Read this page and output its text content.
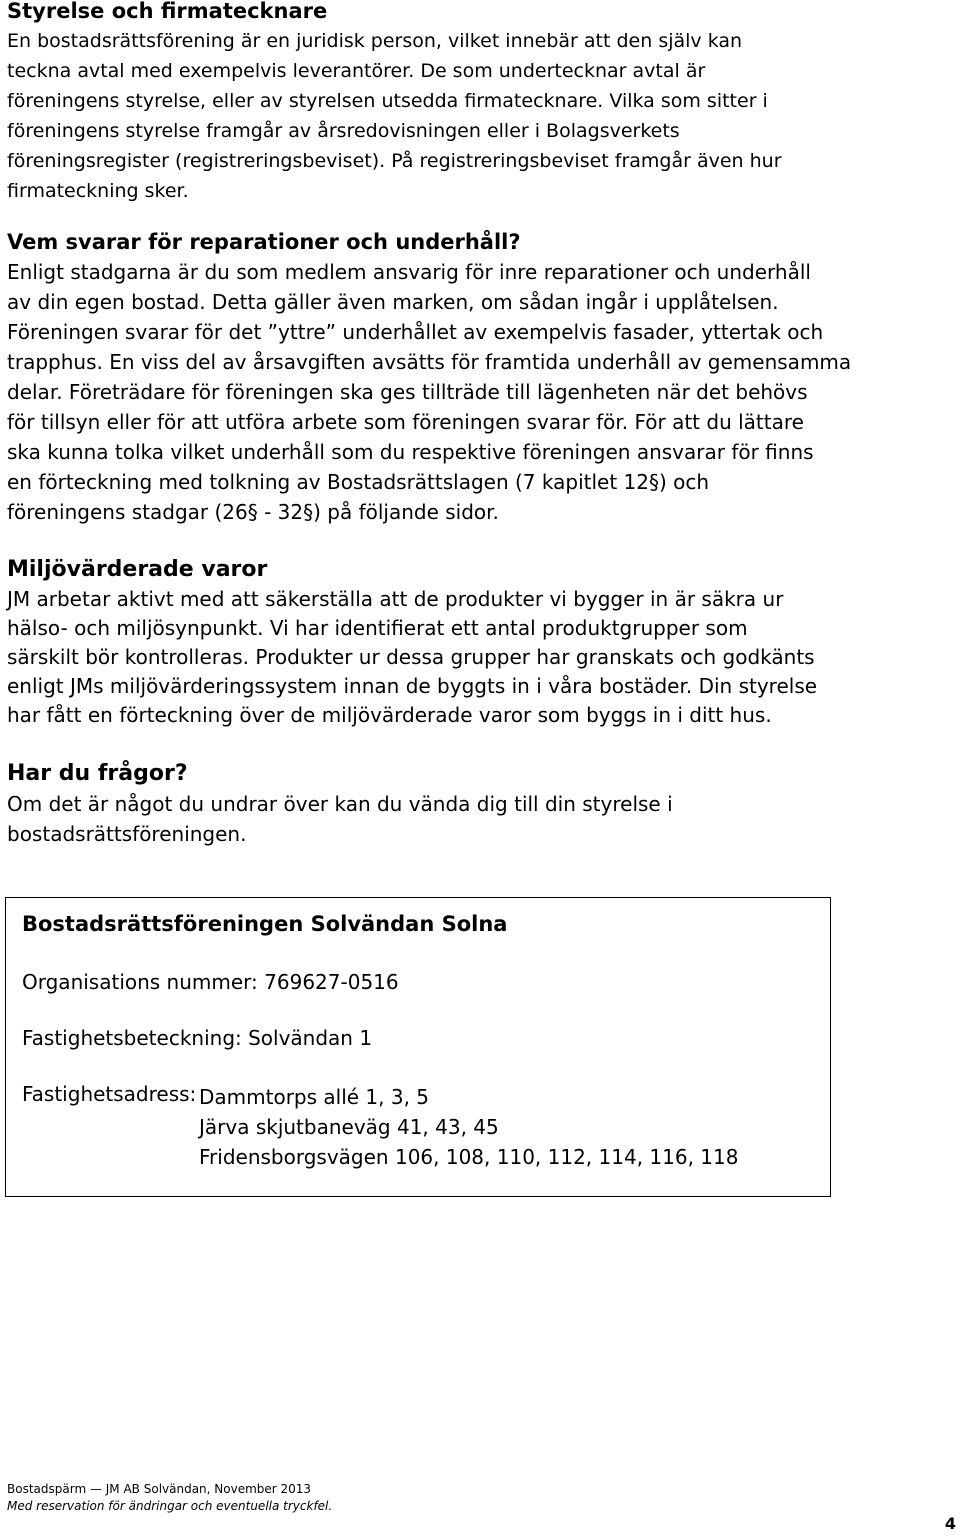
Styrelse och firmatecknare

En bostadsrättsförening är en juridisk person, vilket innebär att den själv kan

teckna avtal med exempelvis leverantörer. De som undertecknar avtal är

föreningens styrelse, eller av styrelsen utsedda firmatecknare. Vilka som sitter i

föreningens styrelse framgår av årsredovisningen eller i Bolagsverkets

föreningsregister (registreringsbeviset). På registreringsbeviset framgår även hur

firmateckning sker.

Vem svarar för reparationer och underhåll?

Enligt stadgarna är du som medlem ansvarig för inre reparationer och underhåll

av din egen bostad. Detta gäller även marken, om sådan ingår i upplåtelsen.

Föreningen svarar för det ”yttre” underhållet av exempelvis fasader, yttertak och

trapphus. En viss del av årsavgiften avsätts för framtida underhåll av gemensamma

delar. Företrädare för föreningen ska ges tillträde till lägenheten när det behövs

för tillsyn eller för att utföra arbete som föreningen svarar för. För att du lättare

ska kunna tolka vilket underhåll som du respektive föreningen ansvarar för finns

en förteckning med tolkning av Bostadsrättslagen (7 kapitlet 12§) och

föreningens stadgar (26§ - 32§) på följande sidor.

Miljövärderade varor

JM arbetar aktivt med att säkerställa att de produkter vi bygger in är säkra ur

hälso- och miljösynpunkt. Vi har identifierat ett antal produktgrupper som

särskilt bör kontrolleras. Produkter ur dessa grupper har granskats och godkänts

enligt JMs miljövärderingssystem innan de byggts in i våra bostäder. Din styrelse

har fått en förteckning över de miljövärderade varor som byggs in i ditt hus.

Har du frågor?

Om det är något du undrar över kan du vända dig till din styrelse i

bostadsrättsföreningen.

Bostadsrättsföreningen Solvändan Solna
Organisations nummer: 769627-0516
Fastighetsbeteckning: Solvändan 1
Fastighetsadress: Dammtorps allé 1, 3, 5
Järva skjutbaneväg 41, 43, 45
Fridensborgsvägen 106, 108, 110, 112, 114, 116, 118
Bostadspärm — JM AB Solvändan, November 2013
Med reservation för ändringar och eventuella tryckfel.
4
